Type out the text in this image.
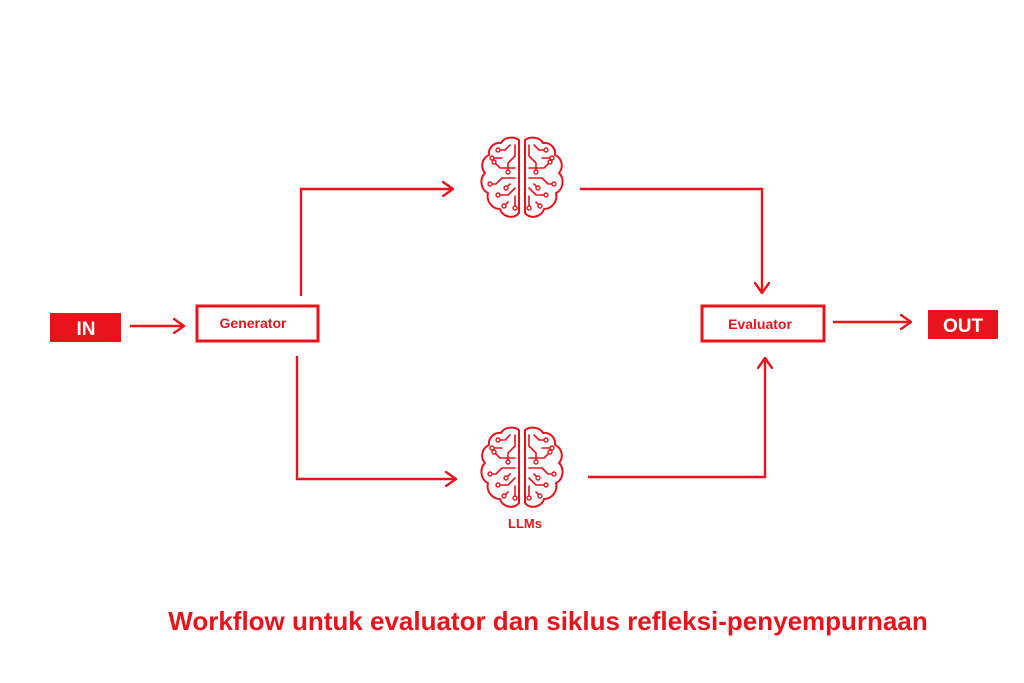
IN	Generator
LLMs
Evaluator	OUT
Workflow untuk evaluator dan siklus refleksi-penyempurnaan
